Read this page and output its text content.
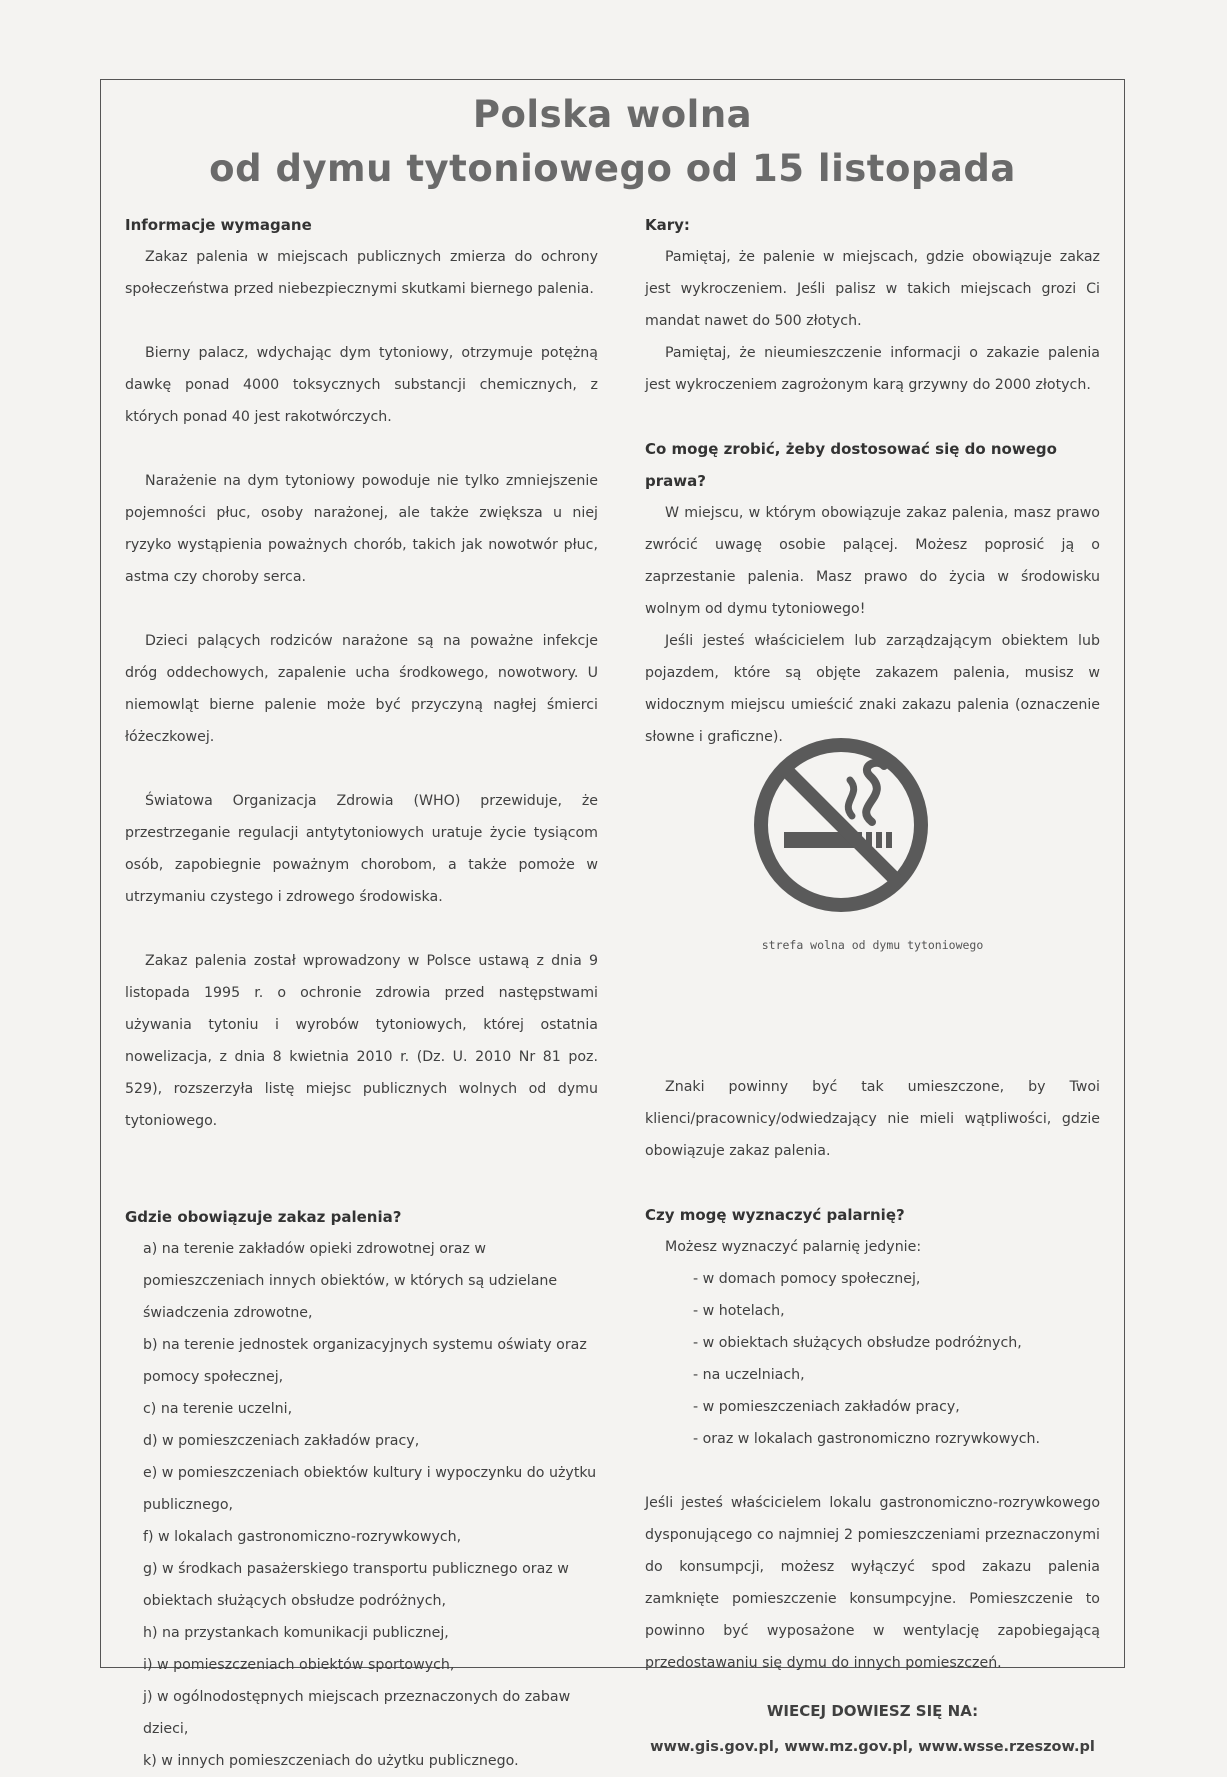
Polska wolna
od dymu tytoniowego od 15 listopada
Informacje wymagane

Zakaz palenia w miejscach publicznych zmierza do ochrony społeczeństwa przed niebezpiecznymi skutkami biernego palenia.

Bierny palacz, wdychając dym tytoniowy, otrzymuje potężną dawkę ponad 4000 toksycznych substancji chemicznych, z których ponad 40 jest rakotwórczych.

Narażenie na dym tytoniowy powoduje nie tylko zmniejszenie pojemności płuc, osoby narażonej, ale także zwiększa u niej ryzyko wystąpienia poważnych chorób, takich jak nowotwór płuc, astma czy choroby serca.

Dzieci palących rodziców narażone są na poważne infekcje dróg oddechowych, zapalenie ucha środkowego, nowotwory. U niemowląt bierne palenie może być przyczyną nagłej śmierci łóżeczkowej.

Światowa Organizacja Zdrowia (WHO) przewiduje, że przestrzeganie regulacji antytytoniowych uratuje życie tysiącom osób, zapobiegnie poważnym chorobom, a także pomoże w utrzymaniu czystego i zdrowego środowiska.

Zakaz palenia został wprowadzony w Polsce ustawą z dnia 9 listopada 1995 r. o ochronie zdrowia przed następstwami używania tytoniu i wyrobów tytoniowych, której ostatnia nowelizacja, z dnia 8 kwietnia 2010 r. (Dz. U. 2010 Nr 81 poz. 529), rozszerzyła listę miejsc publicznych wolnych od dymu tytoniowego.

Gdzie obowiązuje zakaz palenia?
a) na terenie zakładów opieki zdrowotnej oraz w pomieszczeniach innych obiektów, w których są udzielane świadczenia zdrowotne,
b) na terenie jednostek organizacyjnych systemu oświaty oraz pomocy społecznej,
c) na terenie uczelni,
d) w pomieszczeniach zakładów pracy,
e) w pomieszczeniach obiektów kultury i wypoczynku do użytku publicznego,
f) w lokalach gastronomiczno-rozrywkowych,
g) w środkach pasażerskiego transportu publicznego oraz w obiektach służących obsłudze podróżnych,
h) na przystankach komunikacji publicznej,
i) w pomieszczeniach obiektów sportowych,
j) w ogólnodostępnych miejscach przeznaczonych do zabaw dzieci,
k) w innych pomieszczeniach do użytku publicznego.
Kary:

Pamiętaj, że palenie w miejscach, gdzie obowiązuje zakaz jest wykroczeniem. Jeśli palisz w takich miejscach grozi Ci mandat nawet do 500 złotych.

Pamiętaj, że nieumieszczenie informacji o zakazie palenia jest wykroczeniem zagrożonym karą grzywny do 2000 złotych.

Co mogę zrobić, żeby dostosować się do nowego prawa?

W miejscu, w którym obowiązuje zakaz palenia, masz prawo zwrócić uwagę osobie palącej. Możesz poprosić ją o zaprzestanie palenia. Masz prawo do życia w środowisku wolnym od dymu tytoniowego!

Jeśli jesteś właścicielem lub zarządzającym obiektem lub pojazdem, które są objęte zakazem palenia, musisz w widocznym miejscu umieścić znaki zakazu palenia (oznaczenie słowne i graficzne).

Znaki powinny być tak umieszczone, by Twoi klienci/pracownicy/odwiedzający nie mieli wątpliwości, gdzie obowiązuje zakaz palenia.

Czy mogę wyznaczyć palarnię?

Możesz wyznaczyć palarnię jedynie:

- w domach pomocy społecznej,
- w hotelach,
- w obiektach służących obsłudze podróżnych,
- na uczelniach,
- w pomieszczeniach zakładów pracy,
- oraz w lokalach gastronomiczno rozrywkowych.

Jeśli jesteś właścicielem lokalu gastronomiczno-rozrywkowego dysponującego co najmniej 2 pomieszczeniami przeznaczonymi do konsumpcji, możesz wyłączyć spod zakazu palenia zamknięte pomieszczenie konsumpcyjne. Pomieszczenie to powinno być wyposażone w wentylację zapobiegającą przedostawaniu się dymu do innych pomieszczeń.

WIECEJ DOWIESZ SIĘ NA:
www.gis.gov.pl, www.mz.gov.pl, www.wsse.rzeszow.pl
strefa wolna od dymu tytoniowego
